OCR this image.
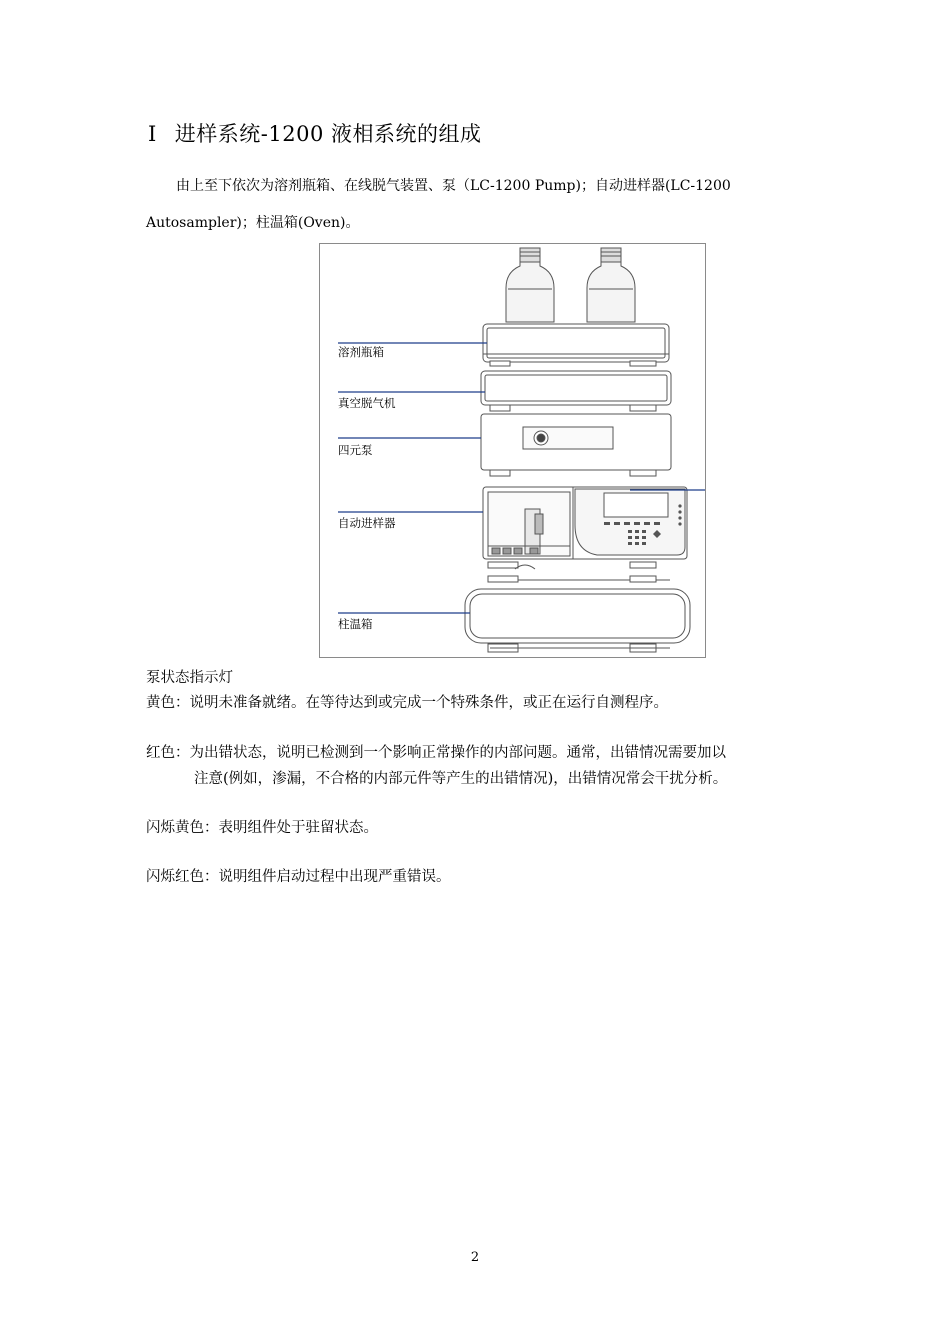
Ⅰ 进样系统-1200 液相系统的组成
由上至下依次为溶剂瓶箱、在线脱气装置、泵（LC-1200 Pump)；自动进样器(LC-1200
Autosampler)；柱温箱(Oven)。
溶剂瓶箱
真空脱气机
四元泵
自动进样器
柱温箱
泵状态指示灯
黄色：说明未准备就绪。在等待达到或完成一个特殊条件，或正在运行自测程序。
红色：为出错状态，说明已检测到一个影响正常操作的内部问题。通常，出错情况需要加以
注意(例如，渗漏，不合格的内部元件等产生的出错情况)，出错情况常会干扰分析。
闪烁黄色：表明组件处于驻留状态。
闪烁红色：说明组件启动过程中出现严重错误。
2
